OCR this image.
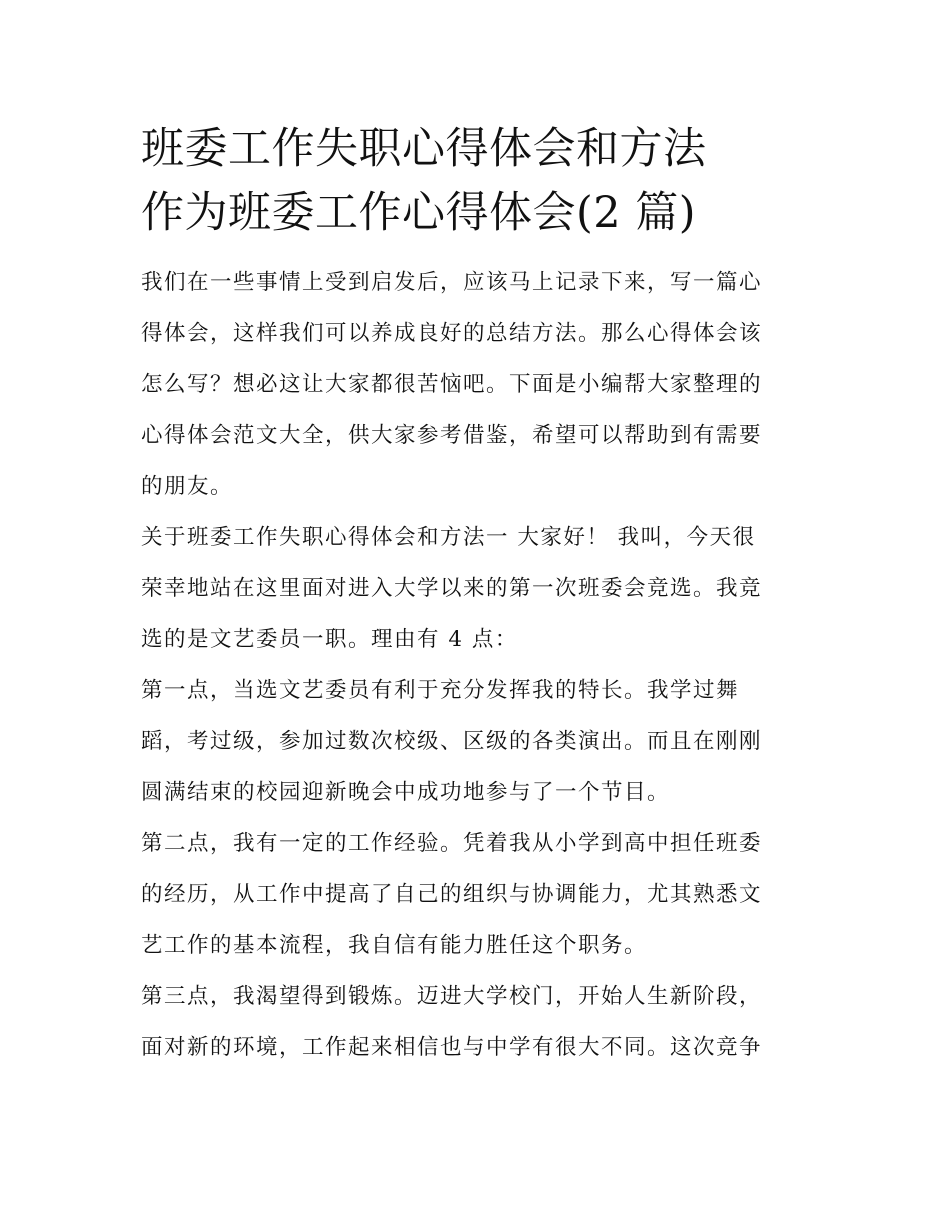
班委工作失职心得体会和方法
作为班委工作心得体会(2 篇)

我们在一些事情上受到启发后，应该马上记录下来，写一篇心
得体会，这样我们可以养成良好的总结方法。那么心得体会该
怎么写？想必这让大家都很苦恼吧。下面是小编帮大家整理的
心得体会范文大全，供大家参考借鉴，希望可以帮助到有需要
的朋友。

关于班委工作失职心得体会和方法一 大家好！ 我叫，今天很
荣幸地站在这里面对进入大学以来的第一次班委会竞选。我竞
选的是文艺委员一职。理由有 4 点：

第一点，当选文艺委员有利于充分发挥我的特长。我学过舞
蹈，考过级，参加过数次校级、区级的各类演出。而且在刚刚
圆满结束的校园迎新晚会中成功地参与了一个节目。

第二点，我有一定的工作经验。凭着我从小学到高中担任班委
的经历，从工作中提高了自己的组织与协调能力，尤其熟悉文
艺工作的基本流程，我自信有能力胜任这个职务。

第三点，我渴望得到锻炼。迈进大学校门，开始人生新阶段，
面对新的环境，工作起来相信也与中学有很大不同。这次竞争
